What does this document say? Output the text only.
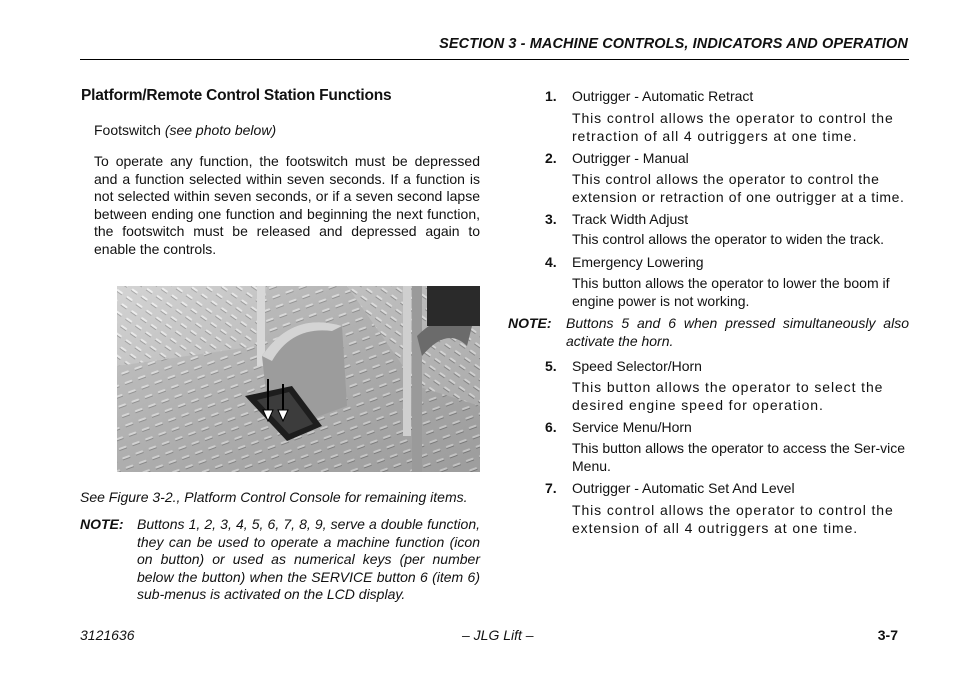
SECTION 3 - MACHINE CONTROLS, INDICATORS AND OPERATION
Platform/Remote Control Station Functions
Footswitch (see photo below)
To operate any function, the footswitch must be depressed and a function selected within seven seconds. If a function is not selected within seven seconds, or if a seven second lapse between ending one function and beginning the next function, the footswitch must be released and depressed again to enable the controls.
See Figure 3-2., Platform Control Console for remaining items.
NOTE: Buttons 1, 2, 3, 4, 5, 6, 7, 8, 9, serve a double function, they can be used to operate a machine function (icon on button) or used as numerical keys (per number below the button) when the SERVICE button 6 (item 6) sub-menus is activated on the LCD display.
1. Outrigger - Automatic Retract
This control allows the operator to control the retraction of all 4 outriggers at one time.
2. Outrigger - Manual
This control allows the operator to control the extension or retraction of one outrigger at a time.
3. Track Width Adjust
This control allows the operator to widen the track.
4. Emergency Lowering
This button allows the operator to lower the boom if engine power is not working.
NOTE: Buttons 5 and 6 when pressed simultaneously also activate the horn.
5. Speed Selector/Horn
This button allows the operator to select the desired engine speed for operation.
6. Service Menu/Horn
This button allows the operator to access the Ser-vice Menu.
7. Outrigger - Automatic Set And Level
This control allows the operator to control the extension of all 4 outriggers at one time.
3121636	– JLG Lift –	3-7
